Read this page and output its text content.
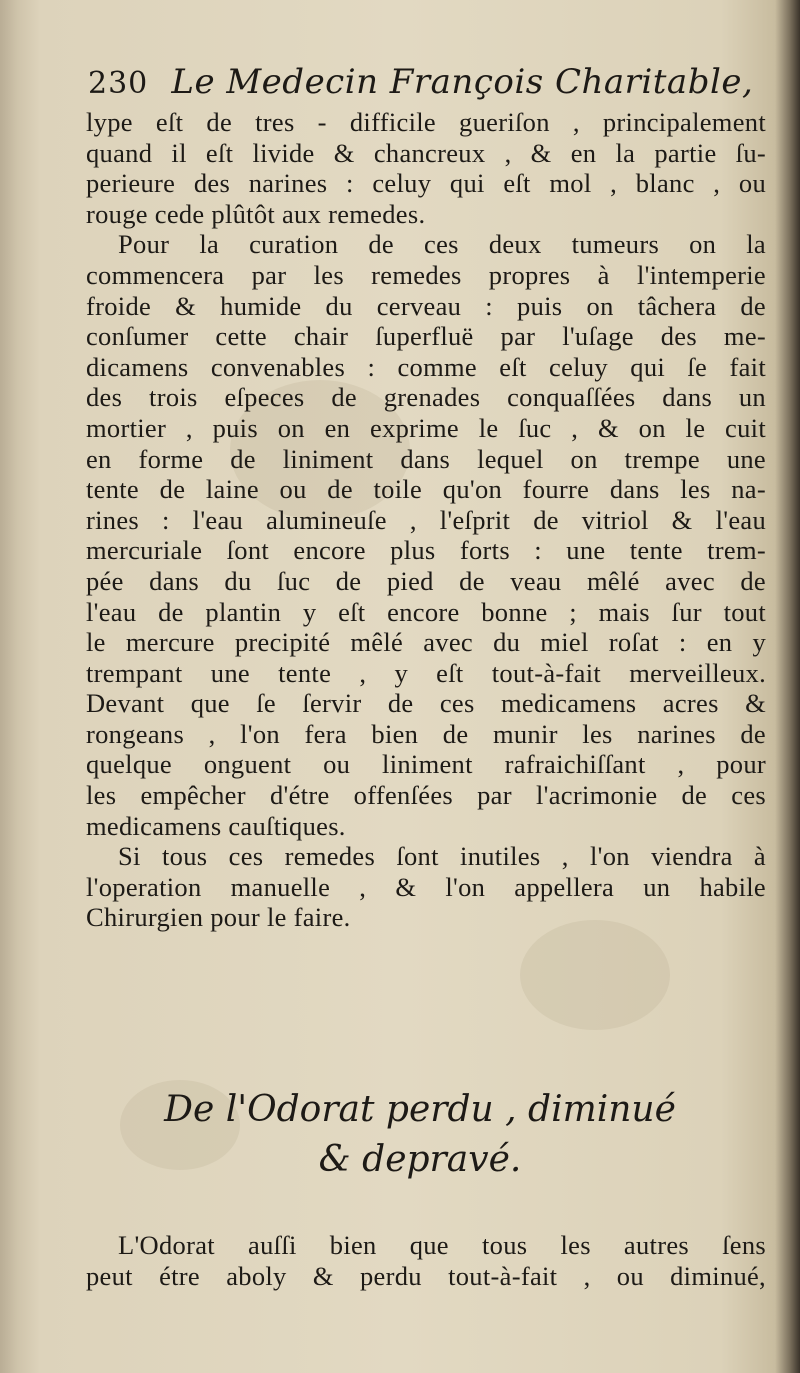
230 Le Medecin François Charitable,
lype eſt de tres - difficile gueriſon , principalement
quand il eſt livide & chancreux , & en la partie ſu-
perieure des narines : celuy qui eſt mol , blanc , ou
rouge cede plûtôt aux remedes.
Pour la curation de ces deux tumeurs on la
commencera par les remedes propres à l'intemperie
froide & humide du cerveau : puis on tâchera de
conſumer cette chair ſuperfluë par l'uſage des me-
dicamens convenables : comme eſt celuy qui ſe fait
des trois eſpeces de grenades conquaſſées dans un
mortier , puis on en exprime le ſuc , & on le cuit
en forme de liniment dans lequel on trempe une
tente de laine ou de toile qu'on fourre dans les na-
rines : l'eau alumineuſe , l'eſprit de vitriol & l'eau
mercuriale ſont encore plus forts : une tente trem-
pée dans du ſuc de pied de veau mêlé avec de
l'eau de plantin y eſt encore bonne ; mais ſur tout
le mercure precipité mêlé avec du miel roſat : en y
trempant une tente , y eſt tout-à-fait merveilleux.
Devant que ſe ſervir de ces medicamens acres &
rongeans , l'on fera bien de munir les narines de
quelque onguent ou liniment rafraichiſſant , pour
les empêcher d'étre offenſées par l'acrimonie de ces
medicamens cauſtiques.
Si tous ces remedes ſont inutiles , l'on viendra à
l'operation manuelle , & l'on appellera un habile
Chirurgien pour le faire.
De l'Odorat perdu , diminué
& depravé.
L'Odorat auſſi bien que tous les autres ſens
peut étre aboly & perdu tout-à-fait , ou diminué,
